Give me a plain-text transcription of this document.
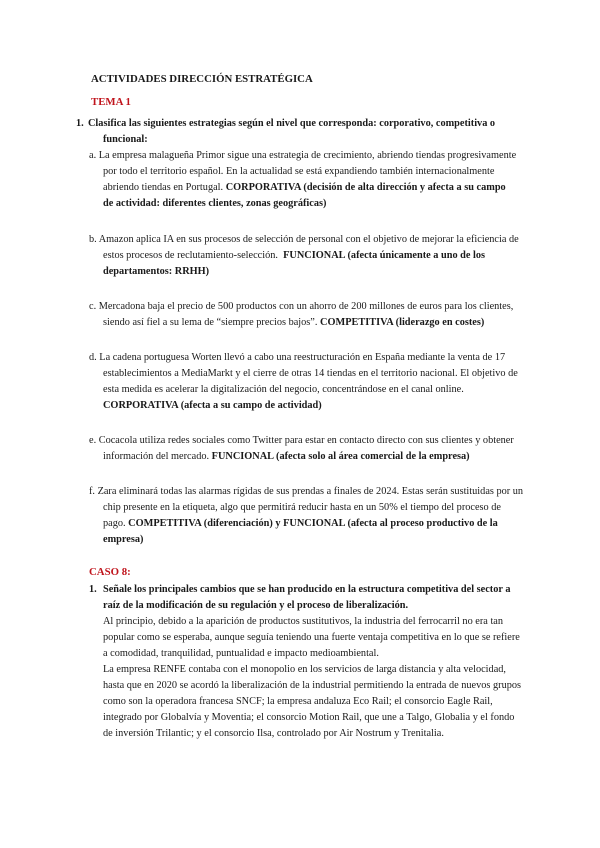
ACTIVIDADES DIRECCIÓN ESTRATÉGICA

TEMA 1

1. Clasifica las siguientes estrategias según el nivel que corresponda: corporativo, competitiva o

funcional:

a. La empresa malagueña Primor sigue una estrategia de crecimiento, abriendo tiendas progresivamente

por todo el territorio español. En la actualidad se está expandiendo también internacionalmente

abriendo tiendas en Portugal. CORPORATIVA (decisión de alta dirección y afecta a su campo

de actividad: diferentes clientes, zonas geográficas)

b. Amazon aplica IA en sus procesos de selección de personal con el objetivo de mejorar la eficiencia de

estos procesos de reclutamiento-selección. FUNCIONAL (afecta únicamente a uno de los

departamentos: RRHH)

c. Mercadona baja el precio de 500 productos con un ahorro de 200 millones de euros para los clientes,

siendo así fiel a su lema de “siempre precios bajos”. COMPETITIVA (liderazgo en costes)

d. La cadena portuguesa Worten llevó a cabo una reestructuración en España mediante la venta de 17

establecimientos a MediaMarkt y el cierre de otras 14 tiendas en el territorio nacional. El objetivo de

esta medida es acelerar la digitalización del negocio, concentrándose en el canal online.

CORPORATIVA (afecta a su campo de actividad)

e. Cocacola utiliza redes sociales como Twitter para estar en contacto directo con sus clientes y obtener

información del mercado. FUNCIONAL (afecta solo al área comercial de la empresa)

f. Zara eliminará todas las alarmas rígidas de sus prendas a finales de 2024. Estas serán sustituidas por un

chip presente en la etiqueta, algo que permitirá reducir hasta en un 50% el tiempo del proceso de

pago. COMPETITIVA (diferenciación) y FUNCIONAL (afecta al proceso productivo de la

empresa)

CASO 8:

1. Señale los principales cambios que se han producido en la estructura competitiva del sector a

raíz de la modificación de su regulación y el proceso de liberalización.

Al principio, debido a la aparición de productos sustitutivos, la industria del ferrocarril no era tan

popular como se esperaba, aunque seguía teniendo una fuerte ventaja competitiva en lo que se refiere

a comodidad, tranquilidad, puntualidad e impacto medioambiental.

La empresa RENFE contaba con el monopolio en los servicios de larga distancia y alta velocidad,

hasta que en 2020 se acordó la liberalización de la industrial permitiendo la entrada de nuevos grupos

como son la operadora francesa SNCF; la empresa andaluza Eco Rail; el consorcio Eagle Rail,

integrado por Globalvía y Moventia; el consorcio Motion Rail, que une a Talgo, Globalia y el fondo

de inversión Trilantic; y el consorcio Ilsa, controlado por Air Nostrum y Trenitalia.
